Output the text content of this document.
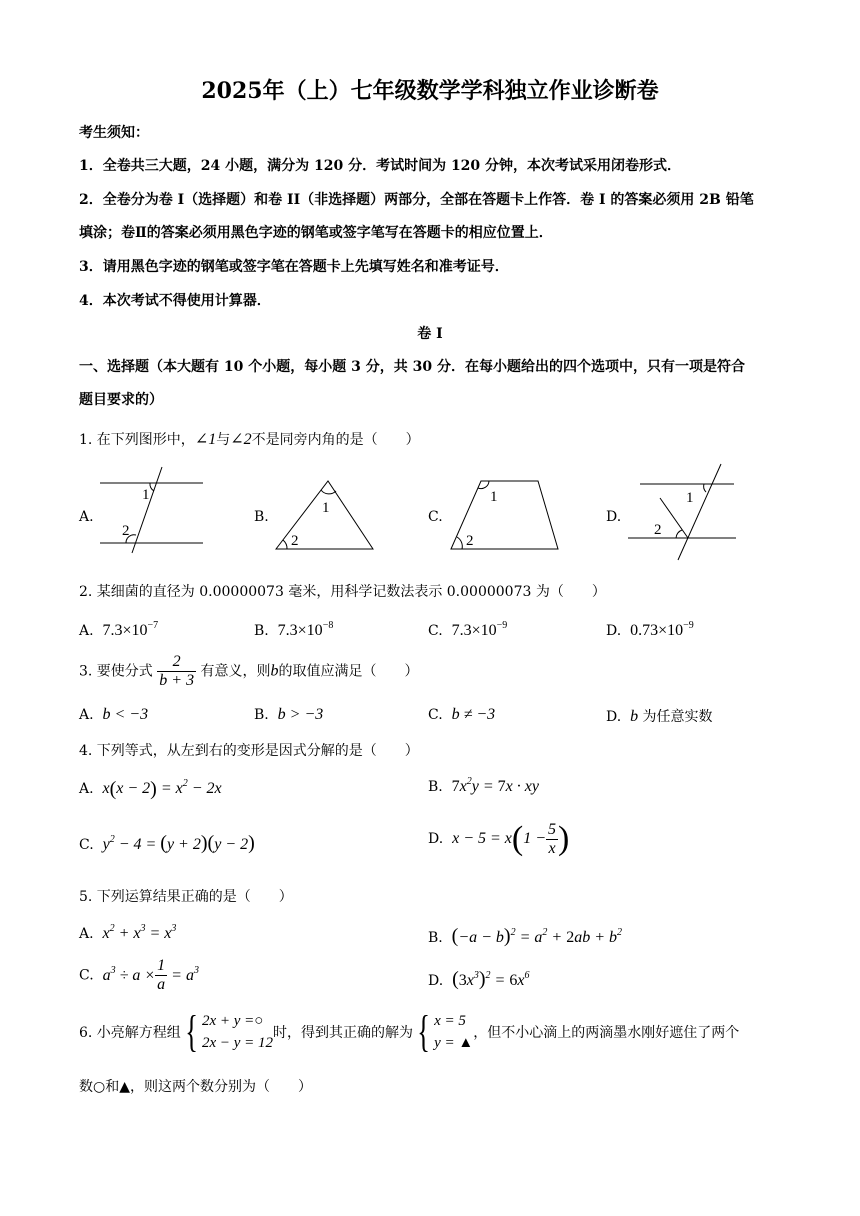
2025年（上）七年级数学学科独立作业诊断卷
考生须知：
1．全卷共三大题，24 小题，满分为 120 分．考试时间为 120 分钟，本次考试采用闭卷形式．
2．全卷分为卷 I（选择题）和卷 II（非选择题）两部分，全部在答题卡上作答．卷 I 的答案必须用 2B 铅笔
填涂；卷Ⅱ的答案必须用黑色字迹的钢笔或签字笔写在答题卡的相应位置上．
3．请用黑色字迹的钢笔或签字笔在答题卡上先填写姓名和准考证号．
4．本次考试不得使用计算器．
卷 I
一、选择题（本大题有 10 个小题，每小题 3 分，共 30 分．在每小题给出的四个选项中，只有一项是符合
题目要求的）
1. 在下列图形中，∠1与∠2不是同旁内角的是（　　）
A.
1
2
B.
1
2
C.
1
2
D.
1
2
2. 某细菌的直径为 0.00000073 毫米，用科学记数法表示 0.00000073 为（　　）
A. $7.3\times 10^{-7}$	B. $7.3\times 10^{-8}$	C. $7.3\times 10^{-9}$	D. $0.73\times 10^{-9}$
3. 要使分式 $\frac{2}{b + 3}$ 有意义，则b的取值应满足（　　）
A. b < −3	B. b > −3	C. b ≠ −3	D. b 为任意实数
4. 下列等式，从左到右的变形是因式分解的是（　　）
A. $x(x - 2) = x^2 - 2x$	B. $7x^2y = 7x$ · xy
C. $y^2 - 4 = (y + 2)(y - 2)$	D. $x - 5 = x(1 - \frac{5}{x}$ )
5. 下列运算结果正确的是（　　）
A. $x^2 + x^3 = x^3$
B. $(-a - b)^2 = a^2 + 2ab + b^2$
C. $a^3 \div a \times \frac{1}{a} = a^3$
D. $(3x^3)^2 = 6x^6$
6. 小亮解方程组{ 2x + y =○
2x − y = 12
时，得到其正确的解为{ x = 5
y = ▲
，但不小心滴上的两滴墨水刚好遮住了两个
数○和▲，则这两个数分别为（　　）
